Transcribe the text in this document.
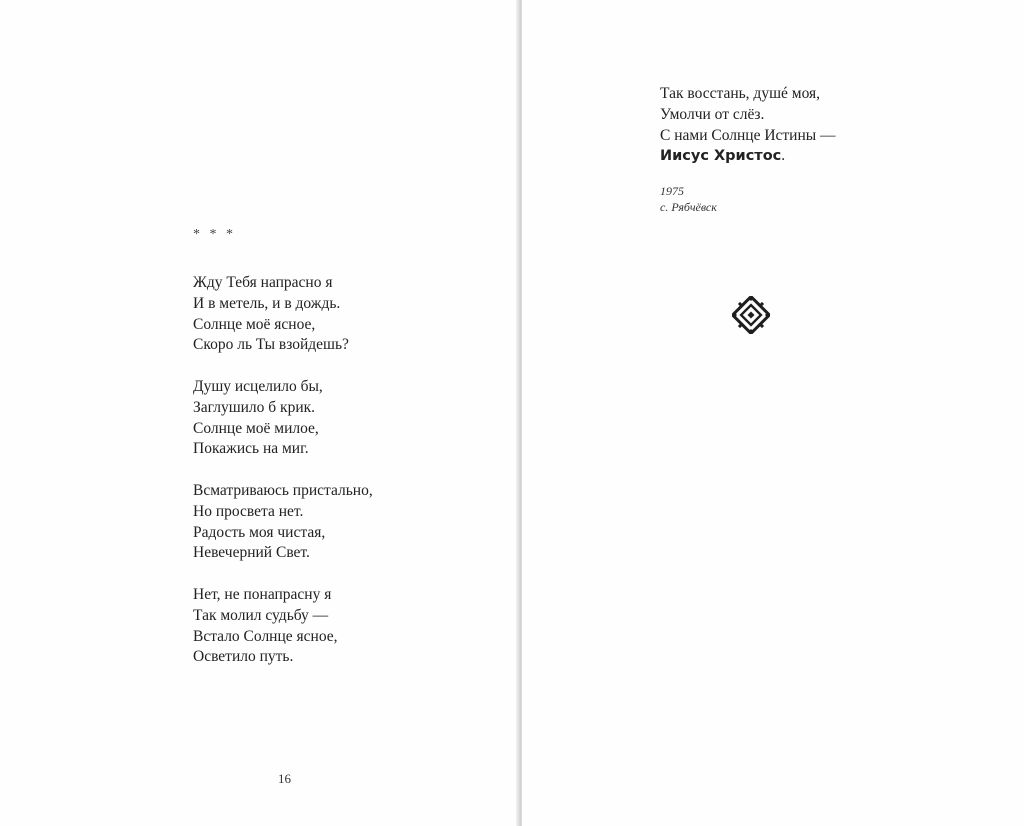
* * *
Жду Тебя напрасно я
И в метель, и в дождь.
Солнце моё ясное,
Скоро ль Ты взойдешь?
Душу исцелило бы,
Заглушило б крик.
Солнце моё милое,
Покажись на миг.
Всматриваюсь пристально,
Но просвета нет.
Радость моя чистая,
Невечерний Свет.
Нет, не понапрасну я
Так молил судьбу —
Встало Солнце ясное,
Осветило путь.
16
Так восстань, душé моя,
Умолчи от слёз.
С нами Солнце Истины —
Иисус Христос.
1975
с. Рябчёвск
